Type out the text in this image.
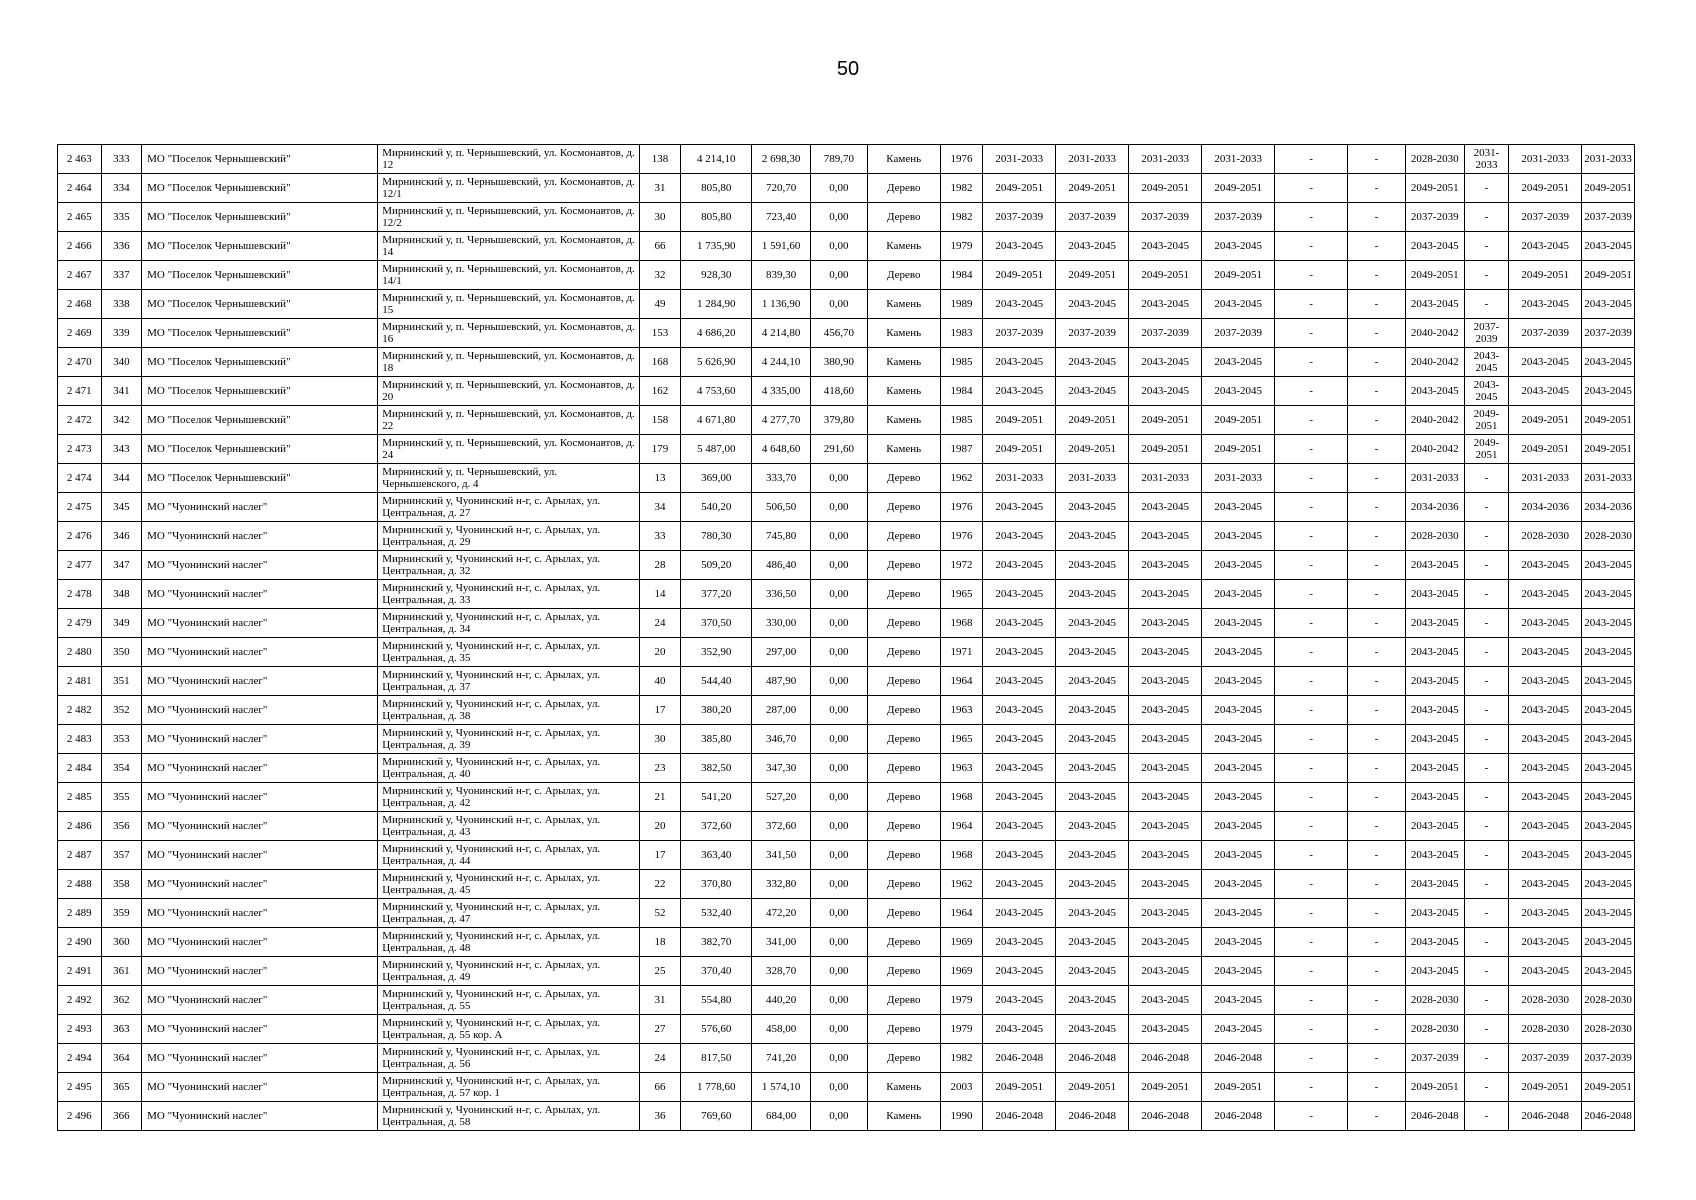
50
2 463	333	МО "Поселок Чернышевский"	Мирнинский у, п. Чернышевский, ул. Космонавтов, д. 12	138	4 214,10	2 698,30	789,70	Камень	1976	2031-2033	2031-2033	2031-2033	2031-2033	-	-	2028-2030	2031-2033	2031-2033	2031-2033
2 464	334	МО "Поселок Чернышевский"	Мирнинский у, п. Чернышевский, ул. Космонавтов, д. 12/1	31	805,80	720,70	0,00	Дерево	1982	2049-2051	2049-2051	2049-2051	2049-2051	-	-	2049-2051	-	2049-2051	2049-2051
2 465	335	МО "Поселок Чернышевский"	Мирнинский у, п. Чернышевский, ул. Космонавтов, д. 12/2	30	805,80	723,40	0,00	Дерево	1982	2037-2039	2037-2039	2037-2039	2037-2039	-	-	2037-2039	-	2037-2039	2037-2039
2 466	336	МО "Поселок Чернышевский"	Мирнинский у, п. Чернышевский, ул. Космонавтов, д. 14	66	1 735,90	1 591,60	0,00	Камень	1979	2043-2045	2043-2045	2043-2045	2043-2045	-	-	2043-2045	-	2043-2045	2043-2045
2 467	337	МО "Поселок Чернышевский"	Мирнинский у, п. Чернышевский, ул. Космонавтов, д. 14/1	32	928,30	839,30	0,00	Дерево	1984	2049-2051	2049-2051	2049-2051	2049-2051	-	-	2049-2051	-	2049-2051	2049-2051
2 468	338	МО "Поселок Чернышевский"	Мирнинский у, п. Чернышевский, ул. Космонавтов, д. 15	49	1 284,90	1 136,90	0,00	Камень	1989	2043-2045	2043-2045	2043-2045	2043-2045	-	-	2043-2045	-	2043-2045	2043-2045
2 469	339	МО "Поселок Чернышевский"	Мирнинский у, п. Чернышевский, ул. Космонавтов, д. 16	153	4 686,20	4 214,80	456,70	Камень	1983	2037-2039	2037-2039	2037-2039	2037-2039	-	-	2040-2042	2037-2039	2037-2039	2037-2039
2 470	340	МО "Поселок Чернышевский"	Мирнинский у, п. Чернышевский, ул. Космонавтов, д. 18	168	5 626,90	4 244,10	380,90	Камень	1985	2043-2045	2043-2045	2043-2045	2043-2045	-	-	2040-2042	2043-2045	2043-2045	2043-2045
2 471	341	МО "Поселок Чернышевский"	Мирнинский у, п. Чернышевский, ул. Космонавтов, д. 20	162	4 753,60	4 335,00	418,60	Камень	1984	2043-2045	2043-2045	2043-2045	2043-2045	-	-	2043-2045	2043-2045	2043-2045	2043-2045
2 472	342	МО "Поселок Чернышевский"	Мирнинский у, п. Чернышевский, ул. Космонавтов, д. 22	158	4 671,80	4 277,70	379,80	Камень	1985	2049-2051	2049-2051	2049-2051	2049-2051	-	-	2040-2042	2049-2051	2049-2051	2049-2051
2 473	343	МО "Поселок Чернышевский"	Мирнинский у, п. Чернышевский, ул. Космонавтов, д. 24	179	5 487,00	4 648,60	291,60	Камень	1987	2049-2051	2049-2051	2049-2051	2049-2051	-	-	2040-2042	2049-2051	2049-2051	2049-2051
2 474	344	МО "Поселок Чернышевский"	Мирнинский у, п. Чернышевский, ул. Чернышевского, д. 4	13	369,00	333,70	0,00	Дерево	1962	2031-2033	2031-2033	2031-2033	2031-2033	-	-	2031-2033	-	2031-2033	2031-2033
2 475	345	МО "Чуонинский наслег"	Мирнинский у, Чуонинский н-г, с. Арылах, ул. Центральная, д. 27	34	540,20	506,50	0,00	Дерево	1976	2043-2045	2043-2045	2043-2045	2043-2045	-	-	2034-2036	-	2034-2036	2034-2036
2 476	346	МО "Чуонинский наслег"	Мирнинский у, Чуонинский н-г, с. Арылах, ул. Центральная, д. 29	33	780,30	745,80	0,00	Дерево	1976	2043-2045	2043-2045	2043-2045	2043-2045	-	-	2028-2030	-	2028-2030	2028-2030
2 477	347	МО "Чуонинский наслег"	Мирнинский у, Чуонинский н-г, с. Арылах, ул. Центральная, д. 32	28	509,20	486,40	0,00	Дерево	1972	2043-2045	2043-2045	2043-2045	2043-2045	-	-	2043-2045	-	2043-2045	2043-2045
2 478	348	МО "Чуонинский наслег"	Мирнинский у, Чуонинский н-г, с. Арылах, ул. Центральная, д. 33	14	377,20	336,50	0,00	Дерево	1965	2043-2045	2043-2045	2043-2045	2043-2045	-	-	2043-2045	-	2043-2045	2043-2045
2 479	349	МО "Чуонинский наслег"	Мирнинский у, Чуонинский н-г, с. Арылах, ул. Центральная, д. 34	24	370,50	330,00	0,00	Дерево	1968	2043-2045	2043-2045	2043-2045	2043-2045	-	-	2043-2045	-	2043-2045	2043-2045
2 480	350	МО "Чуонинский наслег"	Мирнинский у, Чуонинский н-г, с. Арылах, ул. Центральная, д. 35	20	352,90	297,00	0,00	Дерево	1971	2043-2045	2043-2045	2043-2045	2043-2045	-	-	2043-2045	-	2043-2045	2043-2045
2 481	351	МО "Чуонинский наслег"	Мирнинский у, Чуонинский н-г, с. Арылах, ул. Центральная, д. 37	40	544,40	487,90	0,00	Дерево	1964	2043-2045	2043-2045	2043-2045	2043-2045	-	-	2043-2045	-	2043-2045	2043-2045
2 482	352	МО "Чуонинский наслег"	Мирнинский у, Чуонинский н-г, с. Арылах, ул. Центральная, д. 38	17	380,20	287,00	0,00	Дерево	1963	2043-2045	2043-2045	2043-2045	2043-2045	-	-	2043-2045	-	2043-2045	2043-2045
2 483	353	МО "Чуонинский наслег"	Мирнинский у, Чуонинский н-г, с. Арылах, ул. Центральная, д. 39	30	385,80	346,70	0,00	Дерево	1965	2043-2045	2043-2045	2043-2045	2043-2045	-	-	2043-2045	-	2043-2045	2043-2045
2 484	354	МО "Чуонинский наслег"	Мирнинский у, Чуонинский н-г, с. Арылах, ул. Центральная, д. 40	23	382,50	347,30	0,00	Дерево	1963	2043-2045	2043-2045	2043-2045	2043-2045	-	-	2043-2045	-	2043-2045	2043-2045
2 485	355	МО "Чуонинский наслег"	Мирнинский у, Чуонинский н-г, с. Арылах, ул. Центральная, д. 42	21	541,20	527,20	0,00	Дерево	1968	2043-2045	2043-2045	2043-2045	2043-2045	-	-	2043-2045	-	2043-2045	2043-2045
2 486	356	МО "Чуонинский наслег"	Мирнинский у, Чуонинский н-г, с. Арылах, ул. Центральная, д. 43	20	372,60	372,60	0,00	Дерево	1964	2043-2045	2043-2045	2043-2045	2043-2045	-	-	2043-2045	-	2043-2045	2043-2045
2 487	357	МО "Чуонинский наслег"	Мирнинский у, Чуонинский н-г, с. Арылах, ул. Центральная, д. 44	17	363,40	341,50	0,00	Дерево	1968	2043-2045	2043-2045	2043-2045	2043-2045	-	-	2043-2045	-	2043-2045	2043-2045
2 488	358	МО "Чуонинский наслег"	Мирнинский у, Чуонинский н-г, с. Арылах, ул. Центральная, д. 45	22	370,80	332,80	0,00	Дерево	1962	2043-2045	2043-2045	2043-2045	2043-2045	-	-	2043-2045	-	2043-2045	2043-2045
2 489	359	МО "Чуонинский наслег"	Мирнинский у, Чуонинский н-г, с. Арылах, ул. Центральная, д. 47	52	532,40	472,20	0,00	Дерево	1964	2043-2045	2043-2045	2043-2045	2043-2045	-	-	2043-2045	-	2043-2045	2043-2045
2 490	360	МО "Чуонинский наслег"	Мирнинский у, Чуонинский н-г, с. Арылах, ул. Центральная, д. 48	18	382,70	341,00	0,00	Дерево	1969	2043-2045	2043-2045	2043-2045	2043-2045	-	-	2043-2045	-	2043-2045	2043-2045
2 491	361	МО "Чуонинский наслег"	Мирнинский у, Чуонинский н-г, с. Арылах, ул. Центральная, д. 49	25	370,40	328,70	0,00	Дерево	1969	2043-2045	2043-2045	2043-2045	2043-2045	-	-	2043-2045	-	2043-2045	2043-2045
2 492	362	МО "Чуонинский наслег"	Мирнинский у, Чуонинский н-г, с. Арылах, ул. Центральная, д. 55	31	554,80	440,20	0,00	Дерево	1979	2043-2045	2043-2045	2043-2045	2043-2045	-	-	2028-2030	-	2028-2030	2028-2030
2 493	363	МО "Чуонинский наслег"	Мирнинский у, Чуонинский н-г, с. Арылах, ул. Центральная, д. 55 кор. А	27	576,60	458,00	0,00	Дерево	1979	2043-2045	2043-2045	2043-2045	2043-2045	-	-	2028-2030	-	2028-2030	2028-2030
2 494	364	МО "Чуонинский наслег"	Мирнинский у, Чуонинский н-г, с. Арылах, ул. Центральная, д. 56	24	817,50	741,20	0,00	Дерево	1982	2046-2048	2046-2048	2046-2048	2046-2048	-	-	2037-2039	-	2037-2039	2037-2039
2 495	365	МО "Чуонинский наслег"	Мирнинский у, Чуонинский н-г, с. Арылах, ул. Центральная, д. 57 кор. 1	66	1 778,60	1 574,10	0,00	Камень	2003	2049-2051	2049-2051	2049-2051	2049-2051	-	-	2049-2051	-	2049-2051	2049-2051
2 496	366	МО "Чуонинский наслег"	Мирнинский у, Чуонинский н-г, с. Арылах, ул. Центральная, д. 58	36	769,60	684,00	0,00	Камень	1990	2046-2048	2046-2048	2046-2048	2046-2048	-	-	2046-2048	-	2046-2048	2046-2048
